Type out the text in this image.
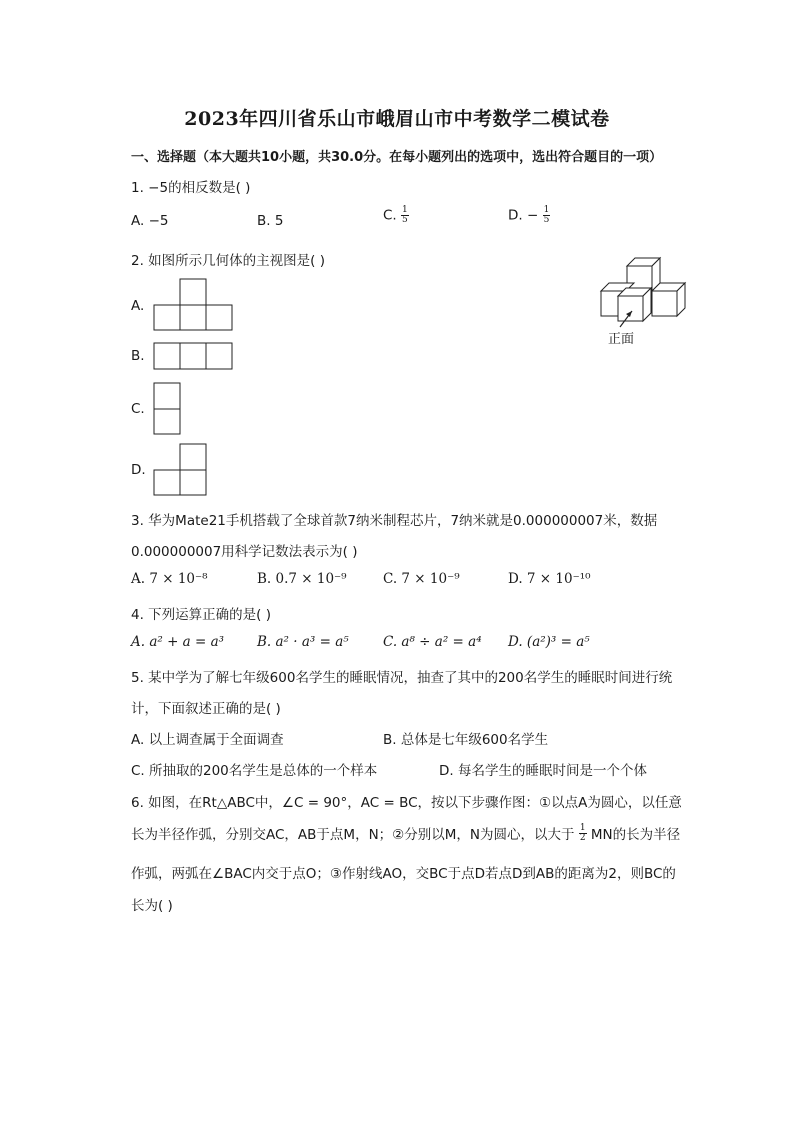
2023年四川省乐山市峨眉山市中考数学二模试卷
一、选择题（本大题共10小题，共30.0分。在每小题列出的选项中，选出符合题目的一项）
1. −5的相反数是( )
A. −5	B. 5	C. $\frac{1}{5}$	D. − $\frac{1}{5}$
2. 如图所示几何体的主视图是( )
正面
A.
B.
C.
D.
3. 华为Mate21手机搭载了全球首款7纳米制程芯片，7纳米就是0.000000007米，数据
0.000000007用科学记数法表示为( )
A. 7 × 10⁻⁸	B. 0.7 × 10⁻⁹	C. 7 × 10⁻⁹	D. 7 × 10⁻¹⁰
4. 下列运算正确的是( )
A. a² + a = a³ B. a² · a³ = a⁵	C. a⁸ ÷ a² = a⁴ D. (a²)³ = a⁵
5. 某中学为了解七年级600名学生的睡眠情况，抽查了其中的200名学生的睡眠时间进行统
计，下面叙述正确的是( )
A. 以上调查属于全面调查	B. 总体是七年级600名学生
C. 所抽取的200名学生是总体的一个样本	D. 每名学生的睡眠时间是一个个体
6. 如图，在Rt△ABC中，∠C = 90°，AC = BC，按以下步骤作图：①以点A为圆心，以任意
长为半径作弧，分别交AC，AB于点M，N；②分别以M，N为圆心，以大于 $\frac{1}{2}$ MN的长为半径
作弧，两弧在∠BAC内交于点O；③作射线AO，交BC于点D若点D到AB的距离为2，则BC的
长为( )
